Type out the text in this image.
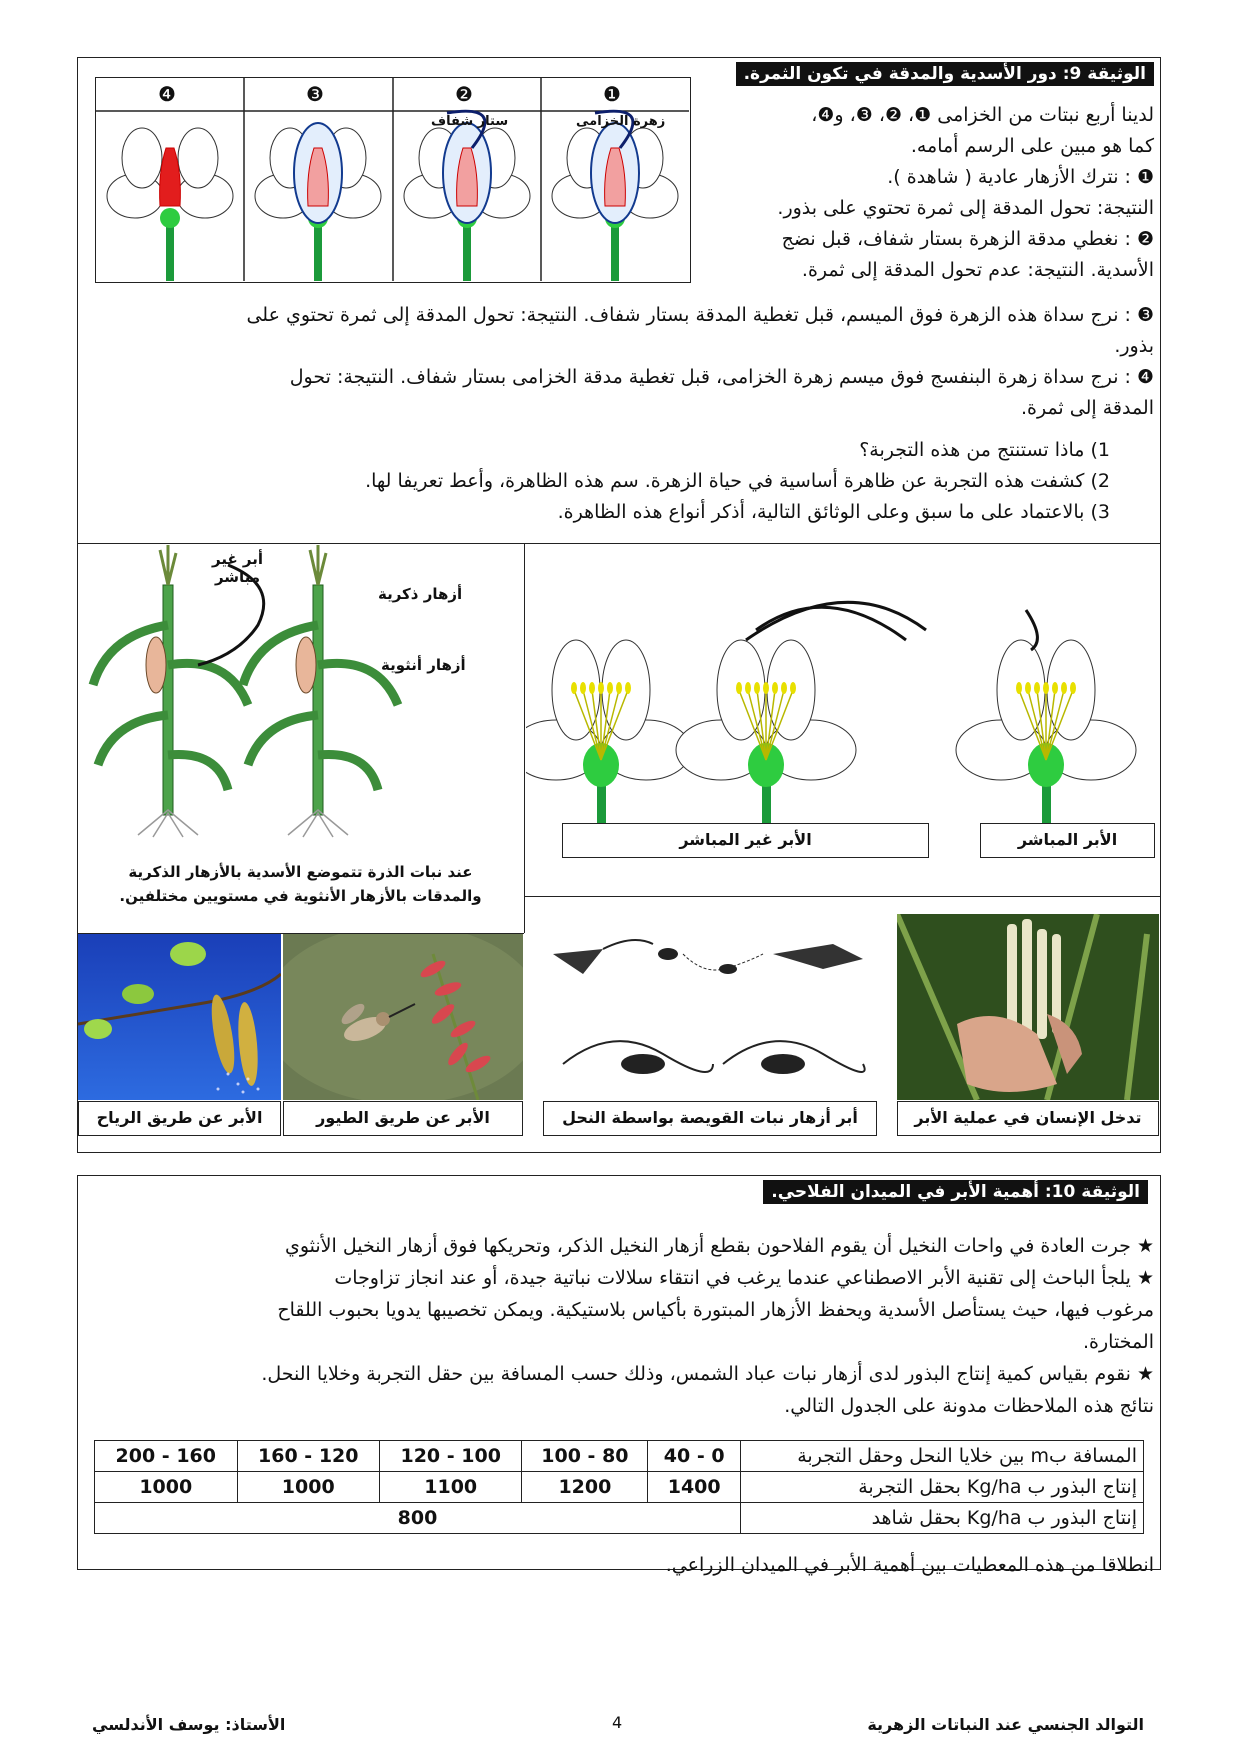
الوثيقة 9: دور الأسدية والمدقة في تكون الثمرة.
❹	❸	❷	❶
ستار شفاف	زهرة الخزامى	لدينا أربع نبتات من الخزامى ❶، ❷، ❸، و❹،
كما هو مبين على الرسم أمامه.
❶ : نترك الأزهار عادية ( شاهدة ).
النتيجة: تحول المدقة إلى ثمرة تحتوي على بذور.
❷ : نغطي مدقة الزهرة بستار شفاف، قبل نضج
الأسدية. النتيجة: عدم تحول المدقة إلى ثمرة.
❸ : نرج سداة هذه الزهرة فوق الميسم، قبل تغطية المدقة بستار شفاف. النتيجة: تحول المدقة إلى ثمرة تحتوي على
بذور.
❹ : نرج سداة زهرة البنفسج فوق ميسم زهرة الخزامى، قبل تغطية مدقة الخزامى بستار شفاف. النتيجة: تحول
المدقة إلى ثمرة.
1) ماذا تستنتج من هذه التجربة؟
2) كشفت هذه التجربة عن ظاهرة أساسية في حياة الزهرة. سم هذه الظاهرة، وأعط تعريفا لها.
3) بالاعتماد على ما سبق وعلى الوثائق التالية، أذكر أنواع هذه الظاهرة.
أبر غير
مباشر
أزهار ذكرية
أزهار أنثوية
عند نبات الذرة تتموضع الأسدية بالأزهار الذكرية
والمدقات بالأزهار الأنثوية في مستويين مختلفين.
الأبر غير المباشر	الأبر المباشر
الأبر عن طريق الرياح	الأبر عن طريق الطيور	أبر أزهار نبات القويصة بواسطة النحل	تدخل الإنسان في عملية الأبر
الوثيقة 10: أهمية الأبر في الميدان الفلاحي.
★ جرت العادة في واحات النخيل أن يقوم الفلاحون بقطع أزهار النخيل الذكر، وتحريكها فوق أزهار النخيل الأنثوي
★ يلجأ الباحث إلى تقنية الأبر الاصطناعي عندما يرغب في انتقاء سلالات نباتية جيدة، أو عند انجاز تزاوجات
مرغوب فيها، حيث يستأصل الأسدية ويحفظ الأزهار المبتورة بأكياس بلاستيكية. ويمكن تخصيبها يدويا بحبوب اللقاح
المختارة.
★ نقوم بقياس كمية إنتاج البذور لدى أزهار نبات عباد الشمس، وذلك حسب المسافة بين حقل التجربة وخلايا النحل.
نتائج هذه الملاحظات مدونة على الجدول التالي.
المسافة بm بين خلايا النحل وحقل التجربة	0 - 40	80 - 100	100 - 120	120 - 160	160 - 200
إنتاج البذور ب Kg/ha بحقل التجربة	1400	1200	1100	1000	1000
إنتاج البذور ب Kg/ha بحقل شاهد	800				
انطلاقا من هذه المعطيات بين أهمية الأبر في الميدان الزراعي.
التوالد الجنسي عند النباتات الزهرية
4
الأستاذ: يوسف الأندلسي
